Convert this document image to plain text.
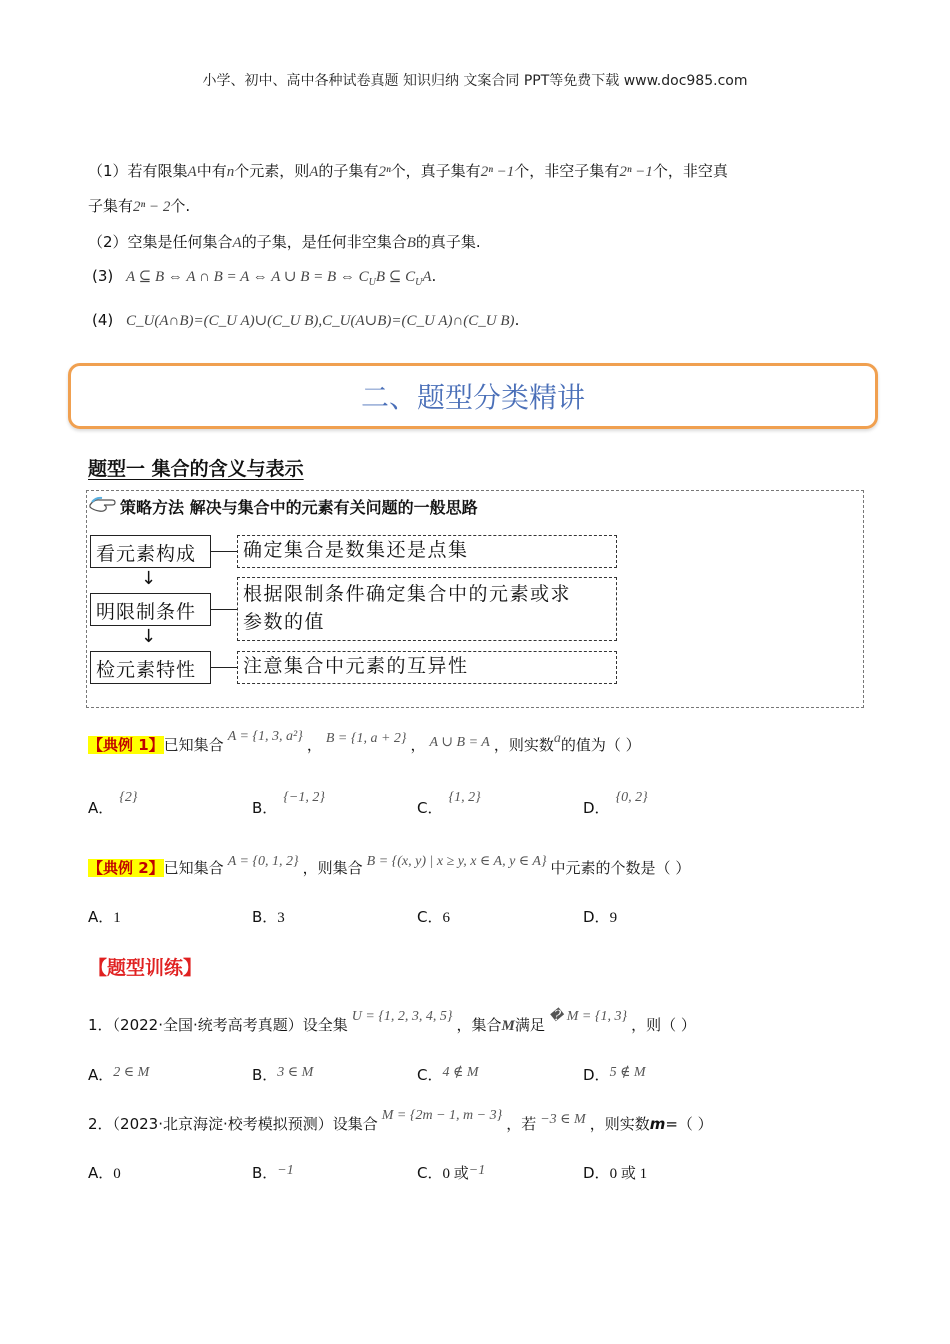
小学、初中、高中各种试卷真题 知识归纳 文案合同 PPT等免费下载 www.doc985.com
（1）若有限集A中有n个元素，则A的子集有2ⁿ个，真子集有2ⁿ −1个，非空子集有2ⁿ −1个，非空真
子集有2ⁿ − 2个.
（2）空集是任何集合A的子集，是任何非空集合B的真子集.
(3) A ⊆ B ⇔ A ∩ B = A ⇔ A ∪ B = B ⇔ $C_UB$ ⊆ $C_UA$.
(4) C_U(A∩B)=(C_U A)∪(C_U B),C_U(A∪B)=(C_U A)∩(C_U B).
二、题型分类精讲
题型一 集合的含义与表示
策略方法 解决与集合中的元素有关问题的一般思路
看元素构成	确定集合是数集还是点集
↓
明限制条件
根据限制条件确定集合中的元素或求
参数的值
↓
检元素特性	注意集合中元素的互异性
【典例 1】已知集合 A = {1, 3, a²} ， B = {1, a + 2} ， A ∪ B = A ，则实数a的值为（ ）
A．{2}
B．{−1, 2}
C．{1, 2}
D．{0, 2}
【典例 2】已知集合 A = {0, 1, 2} ，则集合 B = {(x, y) | x ≥ y, x ∈ A, y ∈ A} 中元素的个数是（ ）
A．1	B．3	C．6	D．9
【题型训练】
1．（2022·全国·统考高考真题）设全集 U = {1, 2, 3, 4, 5} ，集合M满足 � M = {1, 3} ，则（ ）
A．2 ∈ M	B．3 ∈ M	C．4 ∉ M	D．5 ∉ M
2．（2023·北京海淀·校考模拟预测）设集合 M = {2m − 1, m − 3} ，若 −3 ∈ M ，则实数m=（ ）
A．0	B．−1	C．0 或−1	D．0 或 1
